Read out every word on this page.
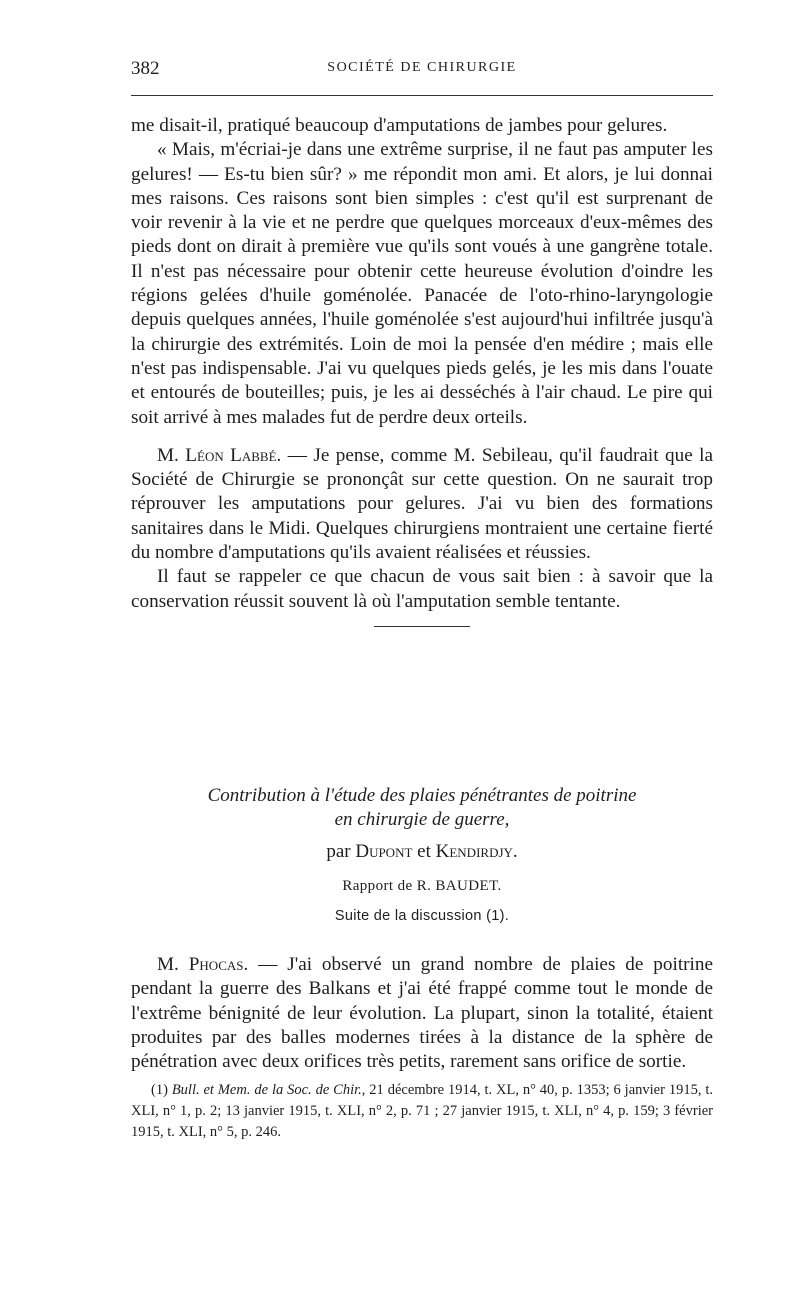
382	SOCIÉTÉ DE CHIRURGIE

me disait-il, pratiqué beaucoup d'amputations de jambes pour gelures.

« Mais, m'écriai-je dans une extrême surprise, il ne faut pas amputer les gelures! — Es-tu bien sûr? » me répondit mon ami. Et alors, je lui donnai mes raisons. Ces raisons sont bien simples : c'est qu'il est surprenant de voir revenir à la vie et ne perdre que quelques morceaux d'eux-mêmes des pieds dont on dirait à première vue qu'ils sont voués à une gangrène totale. Il n'est pas nécessaire pour obtenir cette heureuse évolution d'oindre les régions gelées d'huile goménolée. Panacée de l'oto-rhino-laryngologie depuis quelques années, l'huile goménolée s'est aujourd'hui infiltrée jusqu'à la chirurgie des extrémités. Loin de moi la pensée d'en médire ; mais elle n'est pas indispensable. J'ai vu quelques pieds gelés, je les mis dans l'ouate et entourés de bouteilles; puis, je les ai desséchés à l'air chaud. Le pire qui soit arrivé à mes malades fut de perdre deux orteils.

M. Léon Labbé. — Je pense, comme M. Sebileau, qu'il faudrait que la Société de Chirurgie se prononçât sur cette question. On ne saurait trop réprouver les amputations pour gelures. J'ai vu bien des formations sanitaires dans le Midi. Quelques chirurgiens montraient une certaine fierté du nombre d'amputations qu'ils avaient réalisées et réussies.

Il faut se rappeler ce que chacun de vous sait bien : à savoir que la conservation réussit souvent là où l'amputation semble tentante.

Contribution à l'étude des plaies pénétrantes de poitrine
en chirurgie de guerre,
par Dupont et Kendirdjy.
Rapport de R. BAUDET.
Suite de la discussion (1).

M. Phocas. — J'ai observé un grand nombre de plaies de poitrine pendant la guerre des Balkans et j'ai été frappé comme tout le monde de l'extrême bénignité de leur évolution. La plupart, sinon la totalité, étaient produites par des balles modernes tirées à la distance de la sphère de pénétration avec deux orifices très petits, rarement sans orifice de sortie.

(1) Bull. et Mem. de la Soc. de Chir., 21 décembre 1914, t. XL, n° 40, p. 1353; 6 janvier 1915, t. XLI, n° 1, p. 2; 13 janvier 1915, t. XLI, n° 2, p. 71 ; 27 janvier 1915, t. XLI, n° 4, p. 159; 3 février 1915, t. XLI, n° 5, p. 246.
